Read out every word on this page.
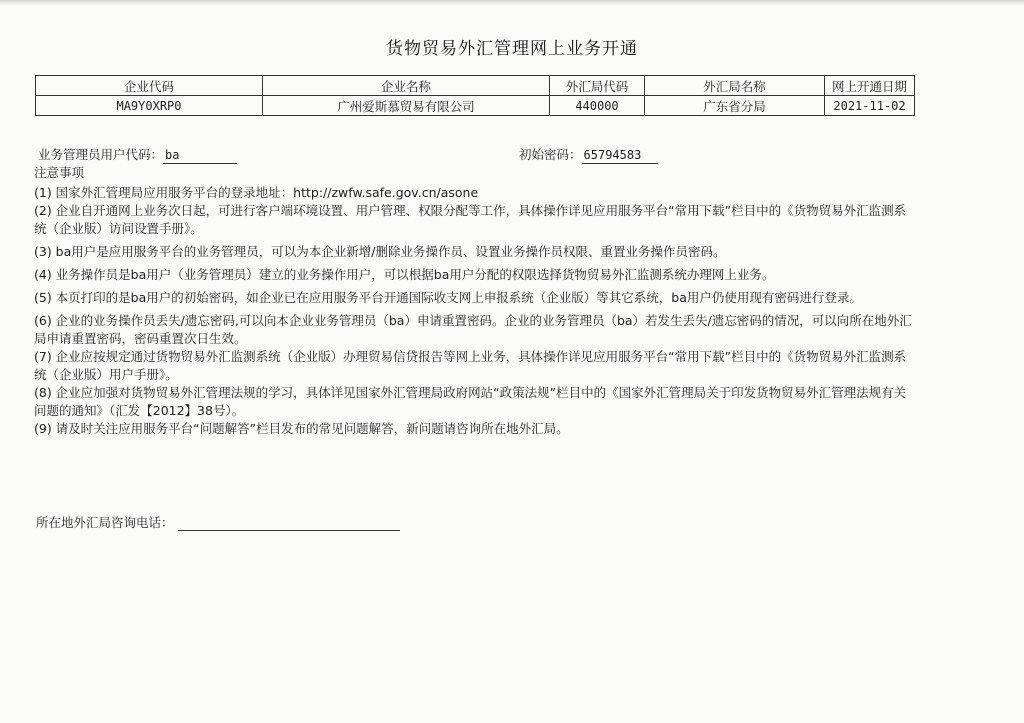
货物贸易外汇管理网上业务开通
企业代码	企业名称	外汇局代码	外汇局名称	网上开通日期
MA9Y0XRP0	广州爱斯慕贸易有限公司	440000	广东省分局	2021-11-02
业务管理员用户代码： ba	初始密码： 65794583
注意事项
(1) 国家外汇管理局应用服务平台的登录地址：http://zwfw.safe.gov.cn/asone
(2) 企业自开通网上业务次日起，可进行客户端环境设置、用户管理、权限分配等工作，具体操作详见应用服务平台“常用下载”栏目中的《货物贸易外汇监测系统（企业版）访问设置手册》。
(3) ba用户是应用服务平台的业务管理员，可以为本企业新增/删除业务操作员、设置业务操作员权限、重置业务操作员密码。
(4) 业务操作员是ba用户（业务管理员）建立的业务操作用户，可以根据ba用户分配的权限选择货物贸易外汇监测系统办理网上业务。
(5) 本页打印的是ba用户的初始密码，如企业已在应用服务平台开通国际收支网上申报系统（企业版）等其它系统，ba用户仍使用现有密码进行登录。
(6) 企业的业务操作员丢失/遗忘密码,可以向本企业业务管理员（ba）申请重置密码。企业的业务管理员（ba）若发生丢失/遗忘密码的情况，可以向所在地外汇局申请重置密码，密码重置次日生效。
(7) 企业应按规定通过货物贸易外汇监测系统（企业版）办理贸易信贷报告等网上业务，具体操作详见应用服务平台“常用下载”栏目中的《货物贸易外汇监测系统（企业版）用户手册》。
(8) 企业应加强对货物贸易外汇管理法规的学习，具体详见国家外汇管理局政府网站“政策法规”栏目中的《国家外汇管理局关于印发货物贸易外汇管理法规有关问题的通知》（汇发【2012】38号）。
(9) 请及时关注应用服务平台“问题解答”栏目发布的常见问题解答，新问题请咨询所在地外汇局。
所在地外汇局咨询电话：
